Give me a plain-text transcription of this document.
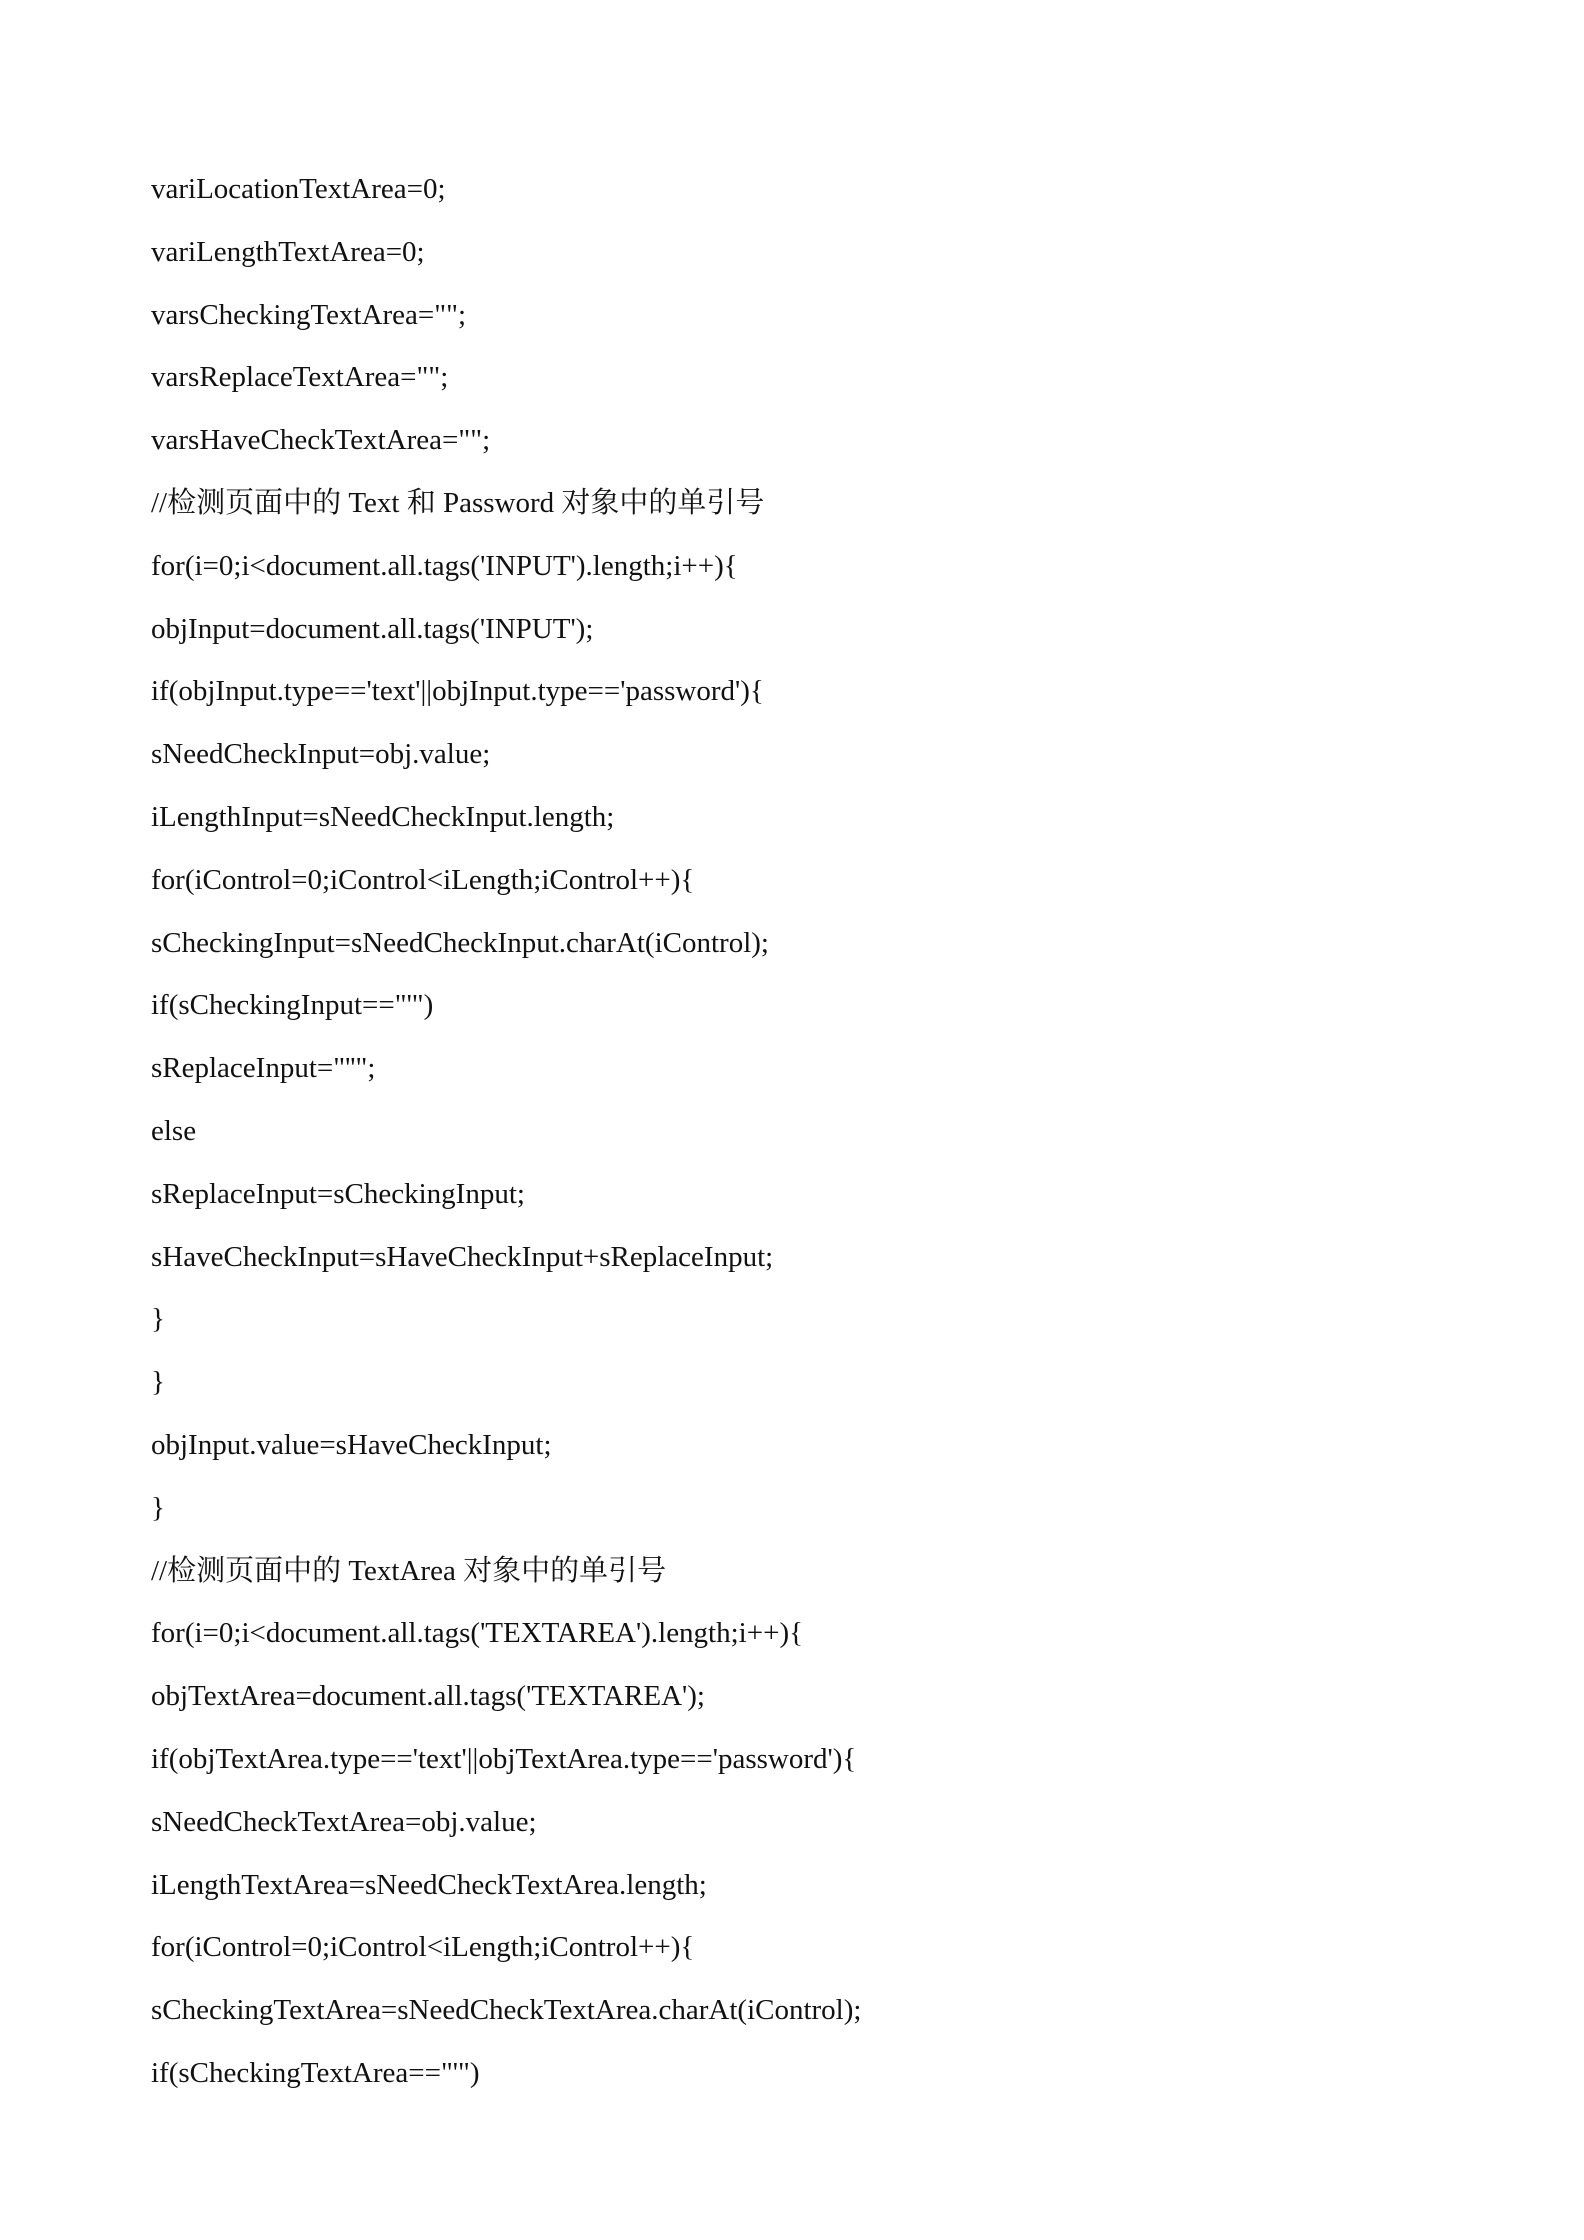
variLocationTextArea=0;
variLengthTextArea=0;
varsCheckingTextArea="";
varsReplaceTextArea="";
varsHaveCheckTextArea="";
//检测页面中的 Text 和 Password 对象中的单引号
for(i=0;i<document.all.tags('INPUT').length;i++){
objInput=document.all.tags('INPUT');
if(objInput.type=='text'||objInput.type=='password'){
sNeedCheckInput=obj.value;
iLengthInput=sNeedCheckInput.length;
for(iControl=0;iControl<iLength;iControl++){
sCheckingInput=sNeedCheckInput.charAt(iControl);
if(sCheckingInput=="'")
sReplaceInput="''";
else
sReplaceInput=sCheckingInput;
sHaveCheckInput=sHaveCheckInput+sReplaceInput;
}
}
objInput.value=sHaveCheckInput;
}
//检测页面中的 TextArea 对象中的单引号
for(i=0;i<document.all.tags('TEXTAREA').length;i++){
objTextArea=document.all.tags('TEXTAREA');
if(objTextArea.type=='text'||objTextArea.type=='password'){
sNeedCheckTextArea=obj.value;
iLengthTextArea=sNeedCheckTextArea.length;
for(iControl=0;iControl<iLength;iControl++){
sCheckingTextArea=sNeedCheckTextArea.charAt(iControl);
if(sCheckingTextArea=="'")
